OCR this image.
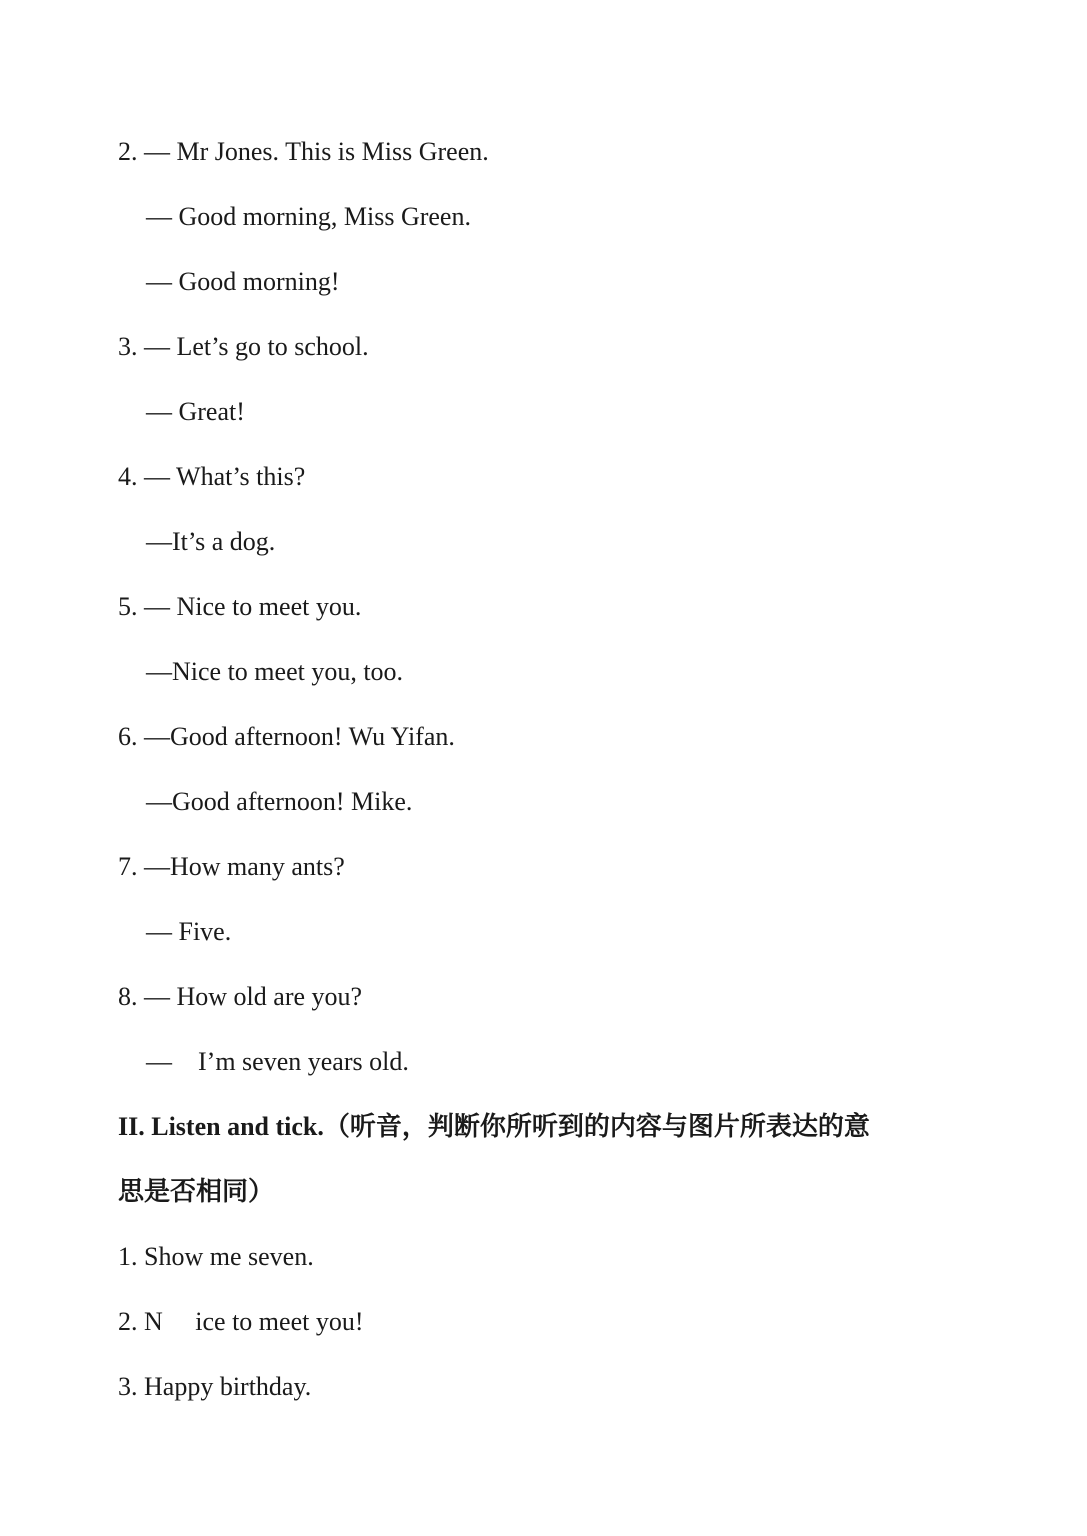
2. — Mr Jones. This is Miss Green.
— Good morning, Miss Green.
— Good morning!
3. — Let’s go to school.
— Great!
4. — What’s this?
—It’s a dog.
5. — Nice to meet you.
—Nice to meet you, too.
6. —Good afternoon! Wu Yifan.
—Good afternoon! Mike.
7. —How many ants?
— Five.
8. — How old are you?
—    I’m seven years old.
II. Listen and tick.（听音，判断你所听到的内容与图片所表达的意
思是否相同）
1. Show me seven.
2. N     ice to meet you!
3. Happy birthday.
